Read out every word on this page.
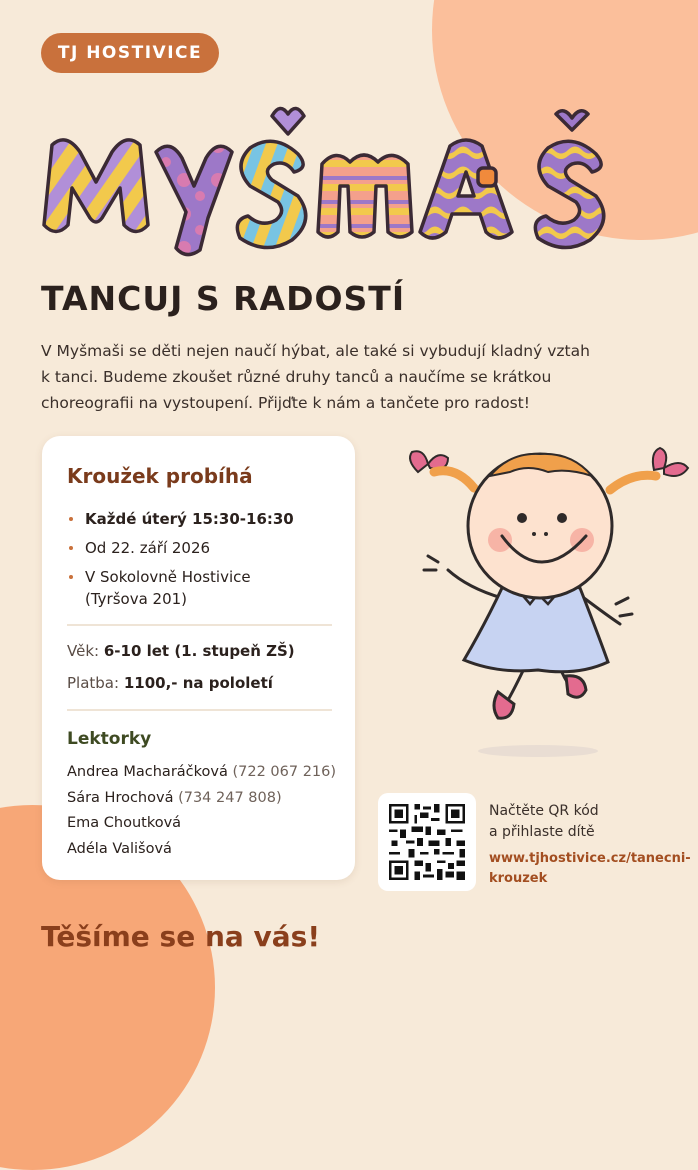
TJ HOSTIVICE
TANCUJ S RADOSTÍ
V Myšmaši se děti nejen naučí hýbat, ale také si vybudují kladný vztah
k tanci. Budeme zkoušet různé druhy tanců a naučíme se krátkou
choreografii na vystoupení. Přijďte k nám a tančete pro radost!
Kroužek probíhá
Každé úterý 15:30-16:30
Od 22. září 2026
V Sokolovně Hostivice
(Tyršova 201)
Věk: 6-10 let (1. stupeň ZŠ)
Platba: 1100,- na pololetí
Lektorky
Andrea Macharáčková (722 067 216)
Sára Hrochová (734 247 808)
Ema Choutková
Adéla Vališová
Načtěte QR kód
a přihlaste dítě
www.tjhostivice.cz/tanecni-
krouzek
Těšíme se na vás!
